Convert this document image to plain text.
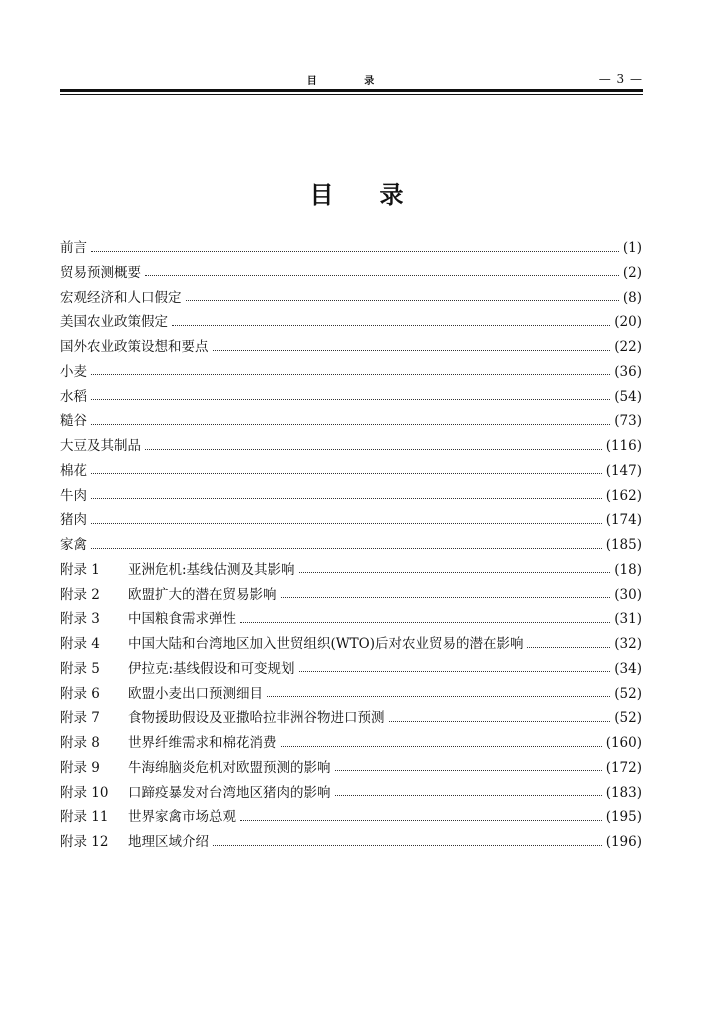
目 录	— 3 —
目录
前言	(1)
贸易预测概要	(2)
宏观经济和人口假定	(8)
美国农业政策假定	(20)
国外农业政策设想和要点	(22)
小麦	(36)
水稻	(54)
糙谷	(73)
大豆及其制品	(116)
棉花	(147)
牛肉	(162)
猪肉	(174)
家禽	(185)
附录 1	亚洲危机:基线估测及其影响	(18)
附录 2	欧盟扩大的潜在贸易影响	(30)
附录 3	中国粮食需求弹性	(31)
附录 4	中国大陆和台湾地区加入世贸组织(WTO)后对农业贸易的潜在影响	(32)
附录 5	伊拉克:基线假设和可变规划	(34)
附录 6	欧盟小麦出口预测细目	(52)
附录 7	食物援助假设及亚撒哈拉非洲谷物进口预测	(52)
附录 8	世界纤维需求和棉花消费	(160)
附录 9	牛海绵脑炎危机对欧盟预测的影响	(172)
附录 10	口蹄疫暴发对台湾地区猪肉的影响	(183)
附录 11	世界家禽市场总观	(195)
附录 12	地理区域介绍	(196)
